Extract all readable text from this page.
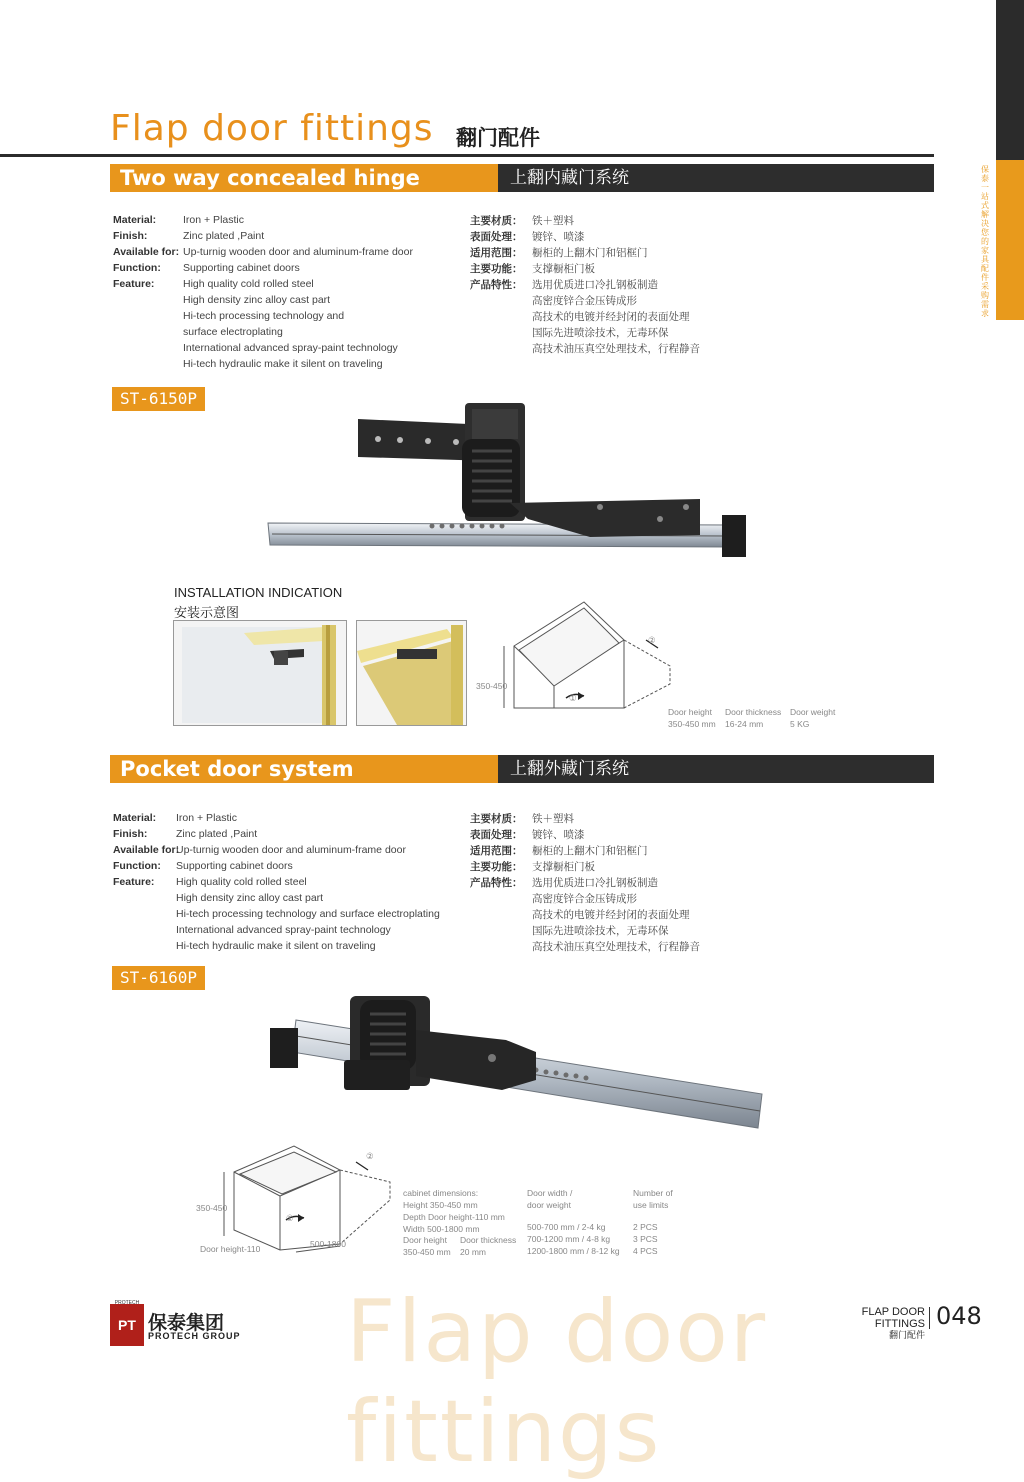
保泰 一站式解决您的家具配件采购需求
Flap door fittings 翻门配件
Two way concealed hinge	上翻内藏门系统
Material:
Finish:
Available for:
Function:
Feature:
Iron + Plastic
Zinc plated ,Paint
Up-turnig wooden door and aluminum-frame door
Supporting cabinet doors
High quality cold rolled steel
High density zinc alloy cast part
Hi-tech processing technology and
surface electroplating
International advanced spray-paint technology
Hi-tech hydraulic make it silent on traveling
主要材质：
表面处理：
适用范围：
主要功能：
产品特性：
铁＋塑料
镀锌、喷漆
橱柜的上翻木门和铝框门
支撑橱柜门板
选用优质进口冷扎钢板制造
高密度锌合金压铸成形
高技术的电镀并经封闭的表面处理
国际先进喷涂技术，无毒环保
高技术油压真空处理技术，行程静音
ST-6150P
INSTALLATION INDICATION
安装示意图
350-450
①
②
Door height
350-450 mm
Door thickness
16-24 mm
Door weight
5 KG
Pocket door system	上翻外藏门系统
Material:
Finish:
Available for:
Function:
Feature:
Iron + Plastic
Zinc plated ,Paint
Up-turnig wooden door and aluminum-frame door
Supporting cabinet doors
High quality cold rolled steel
High density zinc alloy cast part
Hi-tech processing technology and surface electroplating
International advanced spray-paint technology
Hi-tech hydraulic make it silent on traveling
主要材质：
表面处理：
适用范围：
主要功能：
产品特性：
铁＋塑料
镀锌、喷漆
橱柜的上翻木门和铝框门
支撑橱柜门板
选用优质进口冷扎钢板制造
高密度锌合金压铸成形
高技术的电镀并经封闭的表面处理
国际先进喷涂技术，无毒环保
高技术油压真空处理技术，行程静音
ST-6160P
350-450
500-1800
Door height-110
①
②
cabinet dimensions:
Height 350-450 mm
Depth Door height-110 mm
Width 500-1800 mm
Door height
350-450 mm
Door thickness
20 mm
Door width /
door weight
500-700 mm / 2-4 kg
700-1200 mm / 4-8 kg
1200-1800 mm / 8-12 kg
Number of
use limits
2 PCS
3 PCS
4 PCS
Flap door fittings
PT
PROTECH
保泰集团
PROTECH GROUP
FLAP DOOR FITTINGS
翻门配件
048
